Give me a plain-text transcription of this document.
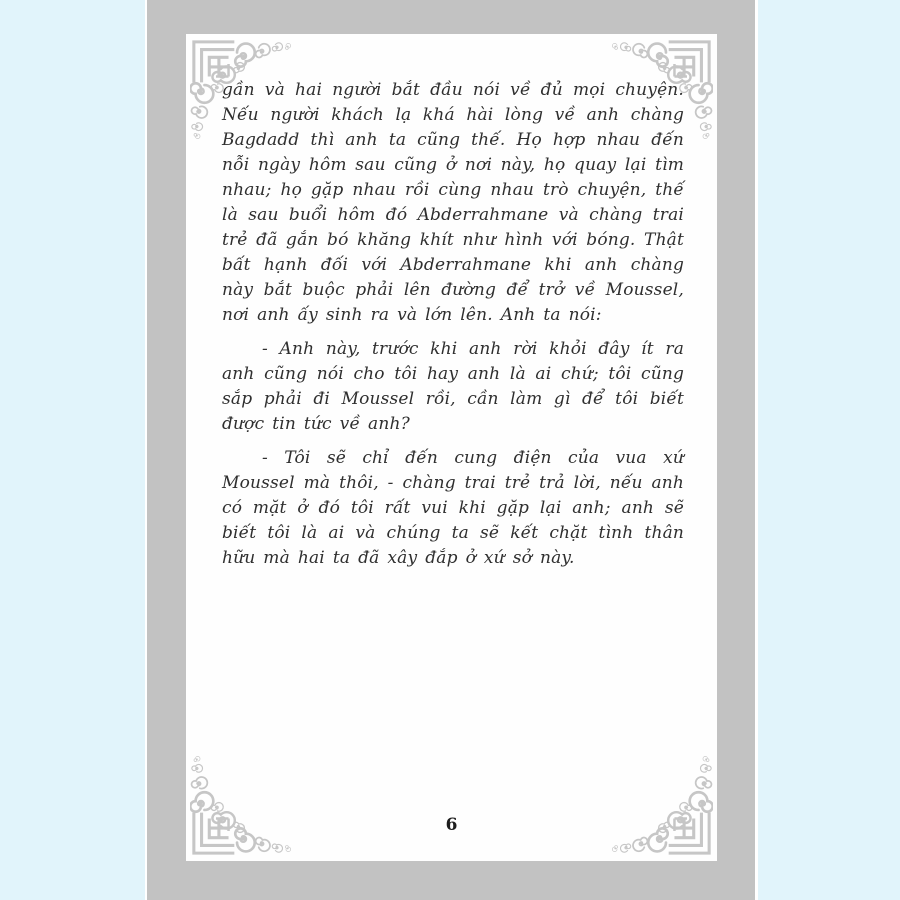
gần và hai người bắt đầu nói về đủ mọi chuyện. Nếu người khách lạ khá hài lòng về anh chàng Bagdadd thì anh ta cũng thế. Họ hợp nhau đến nỗi ngày hôm sau cũng ở nơi này, họ quay lại tìm nhau; họ gặp nhau rồi cùng nhau trò chuyện, thế là sau buổi hôm đó Abderrahmane và chàng trai trẻ đã gắn bó khăng khít như hình với bóng. Thật bất hạnh đối với Abderrahmane khi anh chàng này bắt buộc phải lên đường để trở về Moussel, nơi anh ấy sinh ra và lớn lên. Anh ta nói:

- Anh này, trước khi anh rời khỏi đây ít ra anh cũng nói cho tôi hay anh là ai chứ; tôi cũng sắp phải đi Moussel rồi, cần làm gì để tôi biết được tin tức về anh?

- Tôi sẽ chỉ đến cung điện của vua xứ Moussel mà thôi, - chàng trai trẻ trả lời, nếu anh có mặt ở đó tôi rất vui khi gặp lại anh; anh sẽ biết tôi là ai và chúng ta sẽ kết chặt tình thân hữu mà hai ta đã xây đắp ở xứ sở này.

6
